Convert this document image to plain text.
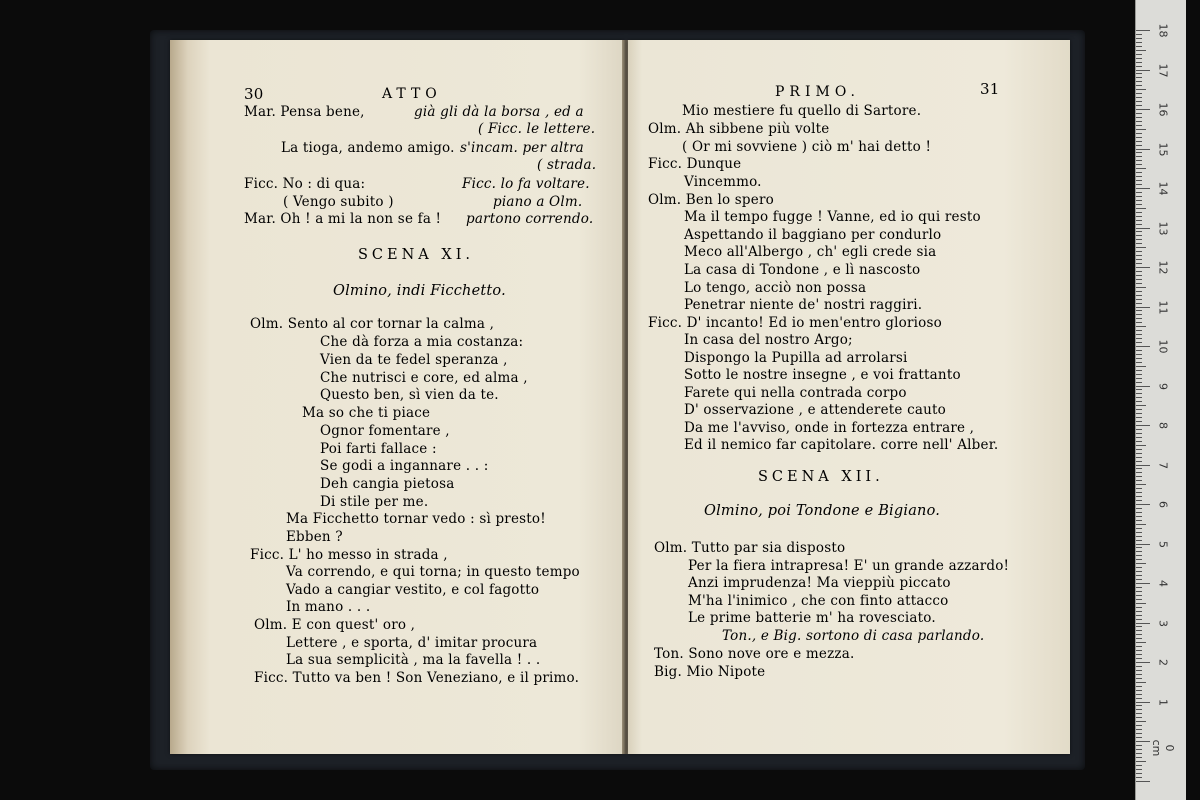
30	ATTO
Mar. Pensa bene,	già gli dà la borsa , ed a
( Ficc. le lettere.
La tioga, andemo amigo. s'incam. per altra
( strada.
Ficc. No : di qua:	Ficc. lo fa voltare.
( Vengo subito )	piano a Olm.
Mar. Oh ! a mi la non se fa ! partono correndo.
SCENA XI.
Olmino, indi Ficchetto.
Olm. Sento al cor tornar la calma ,
Che dà forza a mia costanza:
Vien da te fedel speranza ,
Che nutrisci e core, ed alma ,
Questo ben, sì vien da te.
Ma so che ti piace
Ognor fomentare ,
Poi farti fallace :
Se godi a ingannare . . :
Deh cangia pietosa
Di stile per me.
Ma Ficchetto tornar vedo : sì presto!
Ebben ?
Ficc. L' ho messo in strada ,
Va correndo, e qui torna; in questo tempo
Vado a cangiar vestito, e col fagotto
In mano . . .
Olm. E con quest' oro ,
Lettere , e sporta, d' imitar procura
La sua semplicità , ma la favella ! . .
Ficc. Tutto va ben ! Son Veneziano, e il primo.
PRIMO.	31
Mio mestiere fu quello di Sartore.
Olm. Ah sibbene più volte
( Or mi sovviene ) ciò m' hai detto !
Ficc. Dunque
Vincemmo.
Olm. Ben lo spero
Ma il tempo fugge ! Vanne, ed io qui resto
Aspettando il baggiano per condurlo
Meco all'Albergo , ch' egli crede sia
La casa di Tondone , e lì nascosto
Lo tengo, acciò non possa
Penetrar niente de' nostri raggiri.
Ficc. D' incanto! Ed io men'entro glorioso
In casa del nostro Argo;
Dispongo la Pupilla ad arrolarsi
Sotto le nostre insegne , e voi frattanto
Farete qui nella contrada corpo
D' osservazione , e attenderete cauto
Da me l'avviso, onde in fortezza entrare ,
Ed il nemico far capitolare. corre nell' Alber.
SCENA XII.
Olmino, poi Tondone e Bigiano.
Olm. Tutto par sia disposto
Per la fiera intrapresa! E' un grande azzardo!
Anzi imprudenza! Ma vieppiù piccato
M'ha l'inimico , che con finto attacco
Le prime batterie m' ha rovesciato.
Ton., e Big. sortono di casa parlando.
Ton. Sono nove ore e mezza.
Big. Mio Nipote
18
17
16
15
14
13
12
11
10
9
8
7
6
5
4
3
2
1
0 cm
